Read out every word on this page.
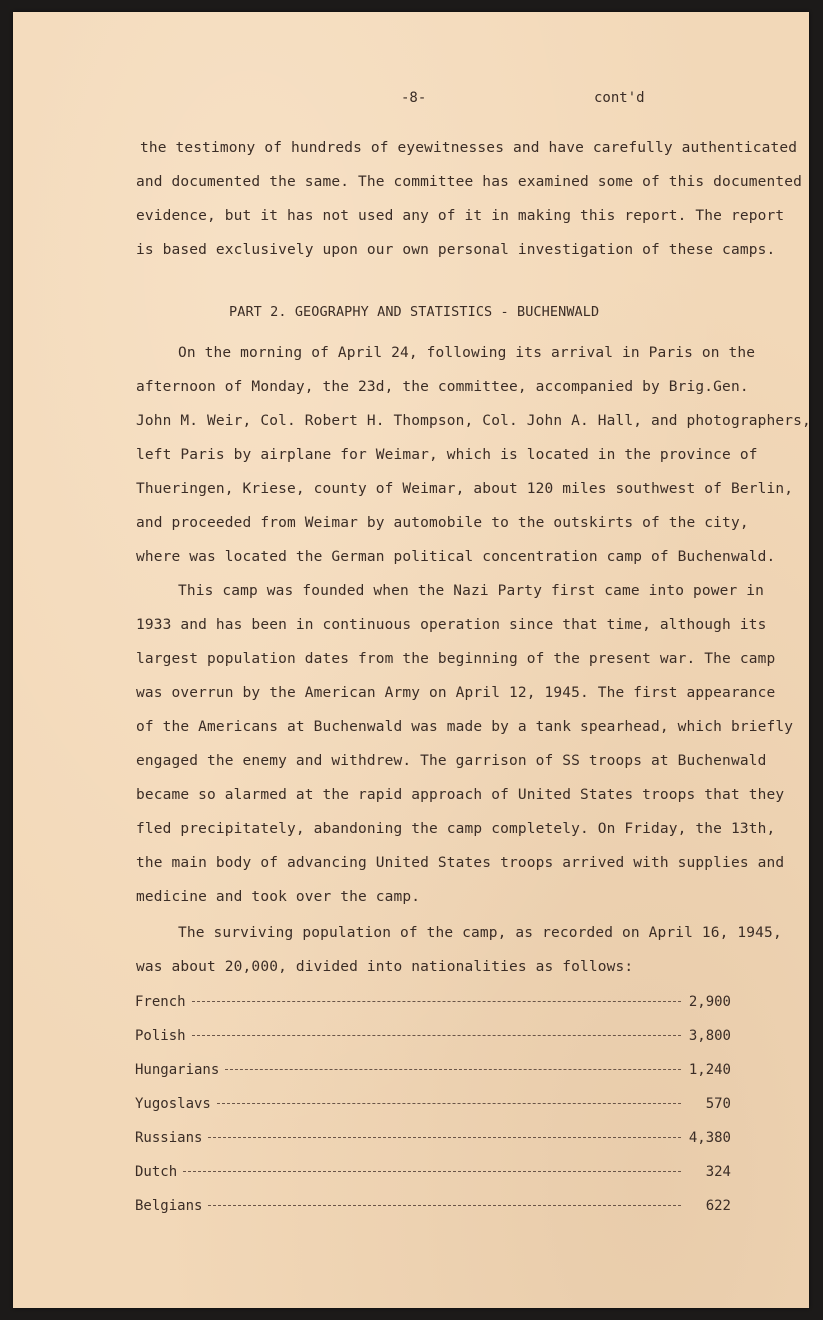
-8-	cont'd
the testimony of hundreds of eyewitnesses and have carefully authenticated
and documented the same. The committee has examined some of this documented
evidence, but it has not used any of it in making this report. The report
is based exclusively upon our own personal investigation of these camps.
PART 2. GEOGRAPHY AND STATISTICS - BUCHENWALD
On the morning of April 24, following its arrival in Paris on the
afternoon of Monday, the 23d, the committee, accompanied by Brig.Gen.
John M. Weir, Col. Robert H. Thompson, Col. John A. Hall, and photographers,
left Paris by airplane for Weimar, which is located in the province of
Thueringen, Kriese, county of Weimar, about 120 miles southwest of Berlin,
and proceeded from Weimar by automobile to the outskirts of the city,
where was located the German political concentration camp of Buchenwald.
This camp was founded when the Nazi Party first came into power in
1933 and has been in continuous operation since that time, although its
largest population dates from the beginning of the present war. The camp
was overrun by the American Army on April 12, 1945. The first appearance
of the Americans at Buchenwald was made by a tank spearhead, which briefly
engaged the enemy and withdrew. The garrison of SS troops at Buchenwald
became so alarmed at the rapid approach of United States troops that they
fled precipitately, abandoning the camp completely. On Friday, the 13th,
the main body of advancing United States troops arrived with supplies and
medicine and took over the camp.
The surviving population of the camp, as recorded on April 16, 1945,
was about 20,000, divided into nationalities as follows:
French	2,900
Polish	3,800
Hungarians	1,240
Yugoslavs	570
Russians	4,380
Dutch	324
Belgians	622
